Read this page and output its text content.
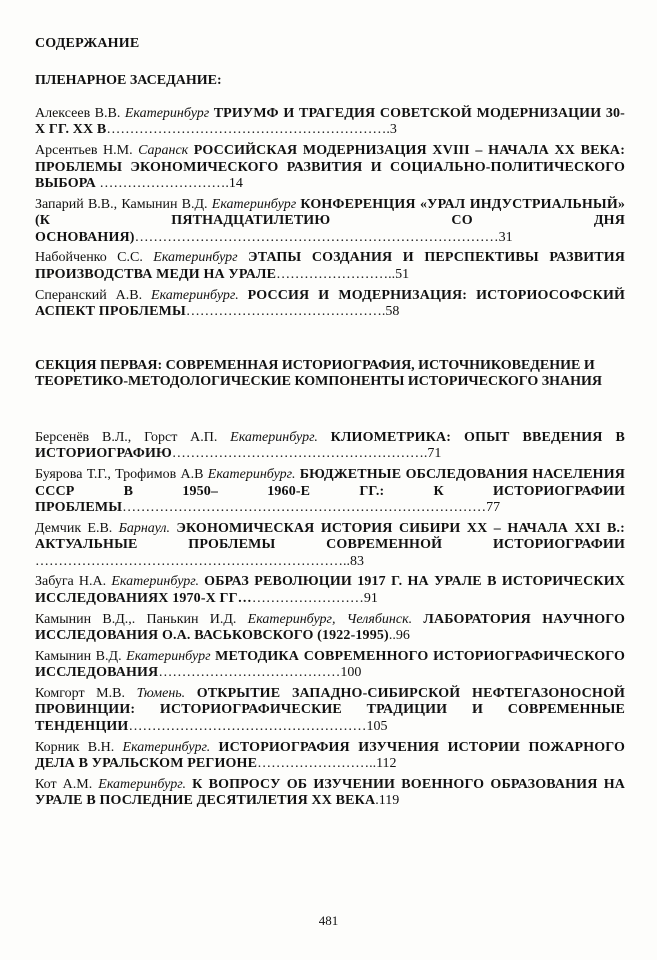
СОДЕРЖАНИЕ
ПЛЕНАРНОЕ ЗАСЕДАНИЕ:
Алексеев В.В. Екатеринбург ТРИУМФ И ТРАГЕДИЯ СОВЕТСКОЙ МОДЕРНИЗАЦИИ 30-Х ГГ. ХХ В…………………………………………………….3
Арсентьев Н.М. Саранск РОССИЙСКАЯ МОДЕРНИЗАЦИЯ XVIII – НАЧАЛА ХХ ВЕКА: ПРОБЛЕМЫ ЭКОНОМИЧЕСКОГО РАЗВИТИЯ И СОЦИАЛЬНО-ПОЛИТИЧЕСКОГО ВЫБОРА ……………………….14
Запарий В.В., Камынин В.Д. Екатеринбург КОНФЕРЕНЦИЯ «УРАЛ ИНДУСТРИАЛЬНЫЙ» (К ПЯТНАДЦАТИЛЕТИЮ СО ДНЯ ОСНОВАНИЯ)……………………………………………………………………31
Набойченко С.С. Екатеринбург ЭТАПЫ СОЗДАНИЯ И ПЕРСПЕКТИВЫ РАЗВИТИЯ ПРОИЗВОДСТВА МЕДИ НА УРАЛЕ……………………..51
Сперанский А.В. Екатеринбург. РОССИЯ И МОДЕРНИЗАЦИЯ: ИСТОРИОСОФСКИЙ АСПЕКТ ПРОБЛЕМЫ…………………………………….58
СЕКЦИЯ ПЕРВАЯ: СОВРЕМЕННАЯ ИСТОРИОГРАФИЯ, ИСТОЧНИКОВЕДЕНИЕ И ТЕОРЕТИКО-МЕТОДОЛОГИЧЕСКИЕ КОМПОНЕНТЫ ИСТОРИЧЕСКОГО ЗНАНИЯ
Берсенёв В.Л., Горст А.П. Екатеринбург. КЛИОМЕТРИКА: ОПЫТ ВВЕДЕНИЯ В ИСТОРИОГРАФИЮ……………………………………………….71
Буярова Т.Г., Трофимов А.В Екатеринбург. БЮДЖЕТНЫЕ ОБСЛЕДОВАНИЯ НАСЕЛЕНИЯ СССР В 1950– 1960-Е ГГ.: К ИСТОРИОГРАФИИ ПРОБЛЕМЫ……………………………………………………………………77
Демчик Е.В. Барнаул. ЭКОНОМИЧЕСКАЯ ИСТОРИЯ СИБИРИ ХХ – НАЧАЛА XXI В.: АКТУАЛЬНЫЕ ПРОБЛЕМЫ СОВРЕМЕННОЙ ИСТОРИОГРАФИИ …………………………………………………………..83
Забуга Н.А. Екатеринбург. ОБРАЗ РЕВОЛЮЦИИ 1917 Г. НА УРАЛЕ В ИСТОРИЧЕСКИХ ИССЛЕДОВАНИЯХ 1970-Х ГГ………………………91
Камынин В.Д.,. Панькин И.Д. Екатеринбург, Челябинск. ЛАБОРАТОРИЯ НАУЧНОГО ИССЛЕДОВАНИЯ О.А. ВАСЬКОВСКОГО (1922-1995)..96
Камынин В.Д. Екатеринбург МЕТОДИКА СОВРЕМЕННОГО ИСТОРИОГРАФИЧЕСКОГО ИССЛЕДОВАНИЯ…………………………………100
Комгорт М.В. Тюмень. ОТКРЫТИЕ ЗАПАДНО-СИБИРСКОЙ НЕФТЕГАЗОНОСНОЙ ПРОВИНЦИИ: ИСТОРИОГРАФИЧЕСКИЕ ТРАДИЦИИ И СОВРЕМЕННЫЕ ТЕНДЕНЦИИ……………………………………………105
Корник В.Н. Екатеринбург. ИСТОРИОГРАФИЯ ИЗУЧЕНИЯ ИСТОРИИ ПОЖАРНОГО ДЕЛА В УРАЛЬСКОМ РЕГИОНЕ……………………..112
Кот А.М. Екатеринбург. К ВОПРОСУ ОБ ИЗУЧЕНИИ ВОЕННОГО ОБРАЗОВАНИЯ НА УРАЛЕ В ПОСЛЕДНИЕ ДЕСЯТИЛЕТИЯ ХХ ВЕКА.119
481
